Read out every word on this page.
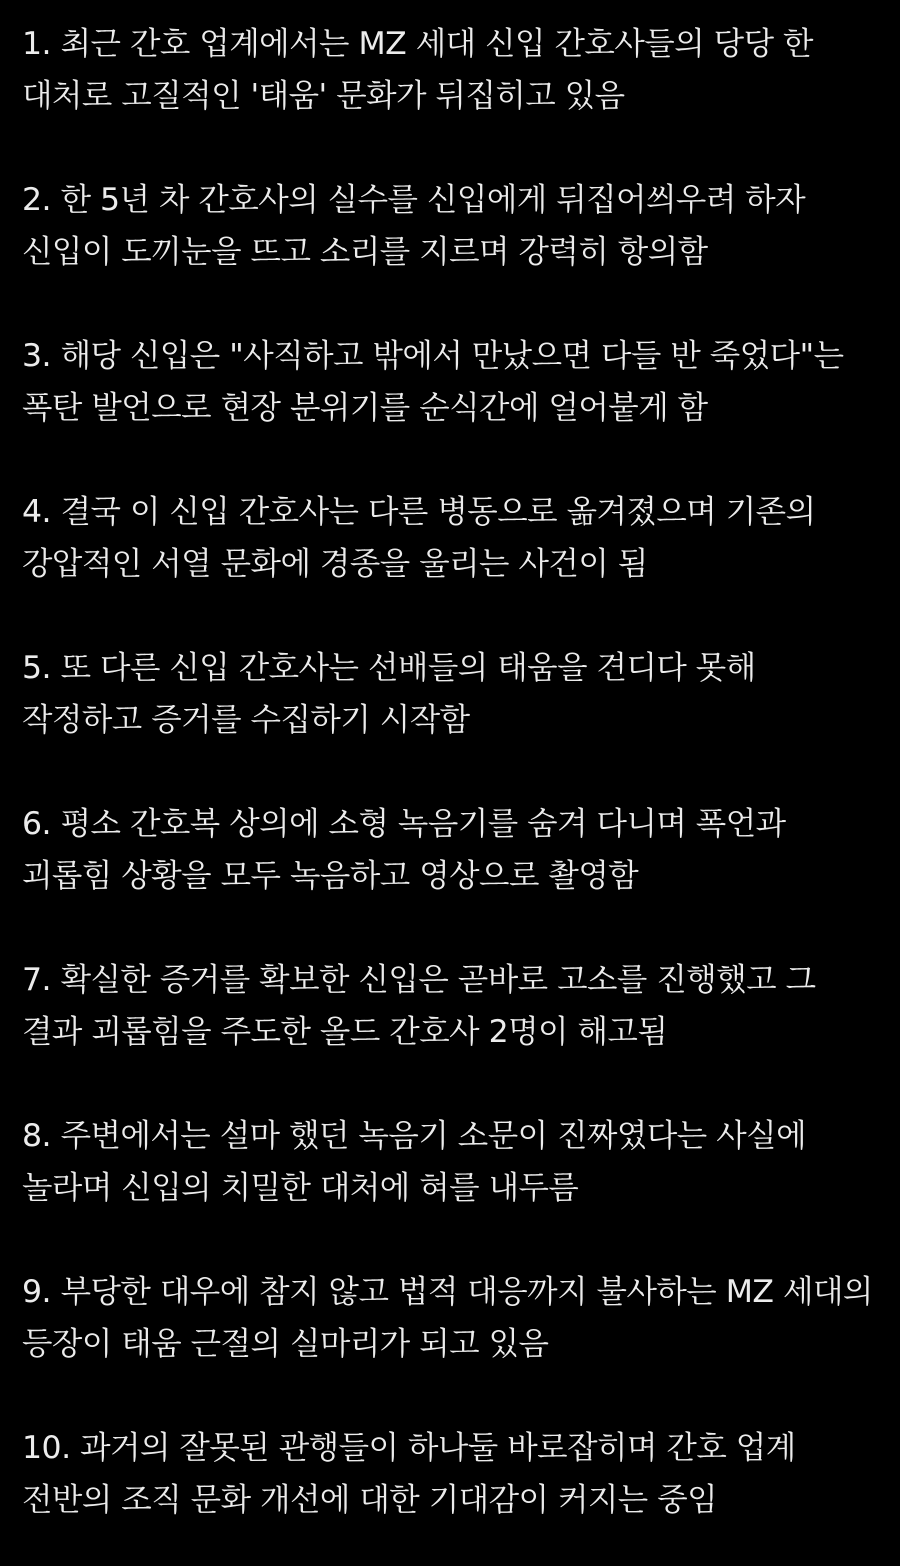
1. 최근 간호 업계에서는 MZ 세대 신입 간호사들의 당당 한 대처로 고질적인 '태움' 문화가 뒤집히고 있음
2. 한 5년 차 간호사의 실수를 신입에게 뒤집어씌우려 하자 신입이 도끼눈을 뜨고 소리를 지르며 강력히 항의함
3. 해당 신입은 "사직하고 밖에서 만났으면 다들 반 죽었다"는 폭탄 발언으로 현장 분위기를 순식간에 얼어붙게 함
4. 결국 이 신입 간호사는 다른 병동으로 옮겨졌으며 기존의 강압적인 서열 문화에 경종을 울리는 사건이 됨
5. 또 다른 신입 간호사는 선배들의 태움을 견디다 못해 작정하고 증거를 수집하기 시작함
6. 평소 간호복 상의에 소형 녹음기를 숨겨 다니며 폭언과 괴롭힘 상황을 모두 녹음하고 영상으로 촬영함
7. 확실한 증거를 확보한 신입은 곧바로 고소를 진행했고 그 결과 괴롭힘을 주도한 올드 간호사 2명이 해고됨
8. 주변에서는 설마 했던 녹음기 소문이 진짜였다는 사실에 놀라며 신입의 치밀한 대처에 혀를 내두름
9. 부당한 대우에 참지 않고 법적 대응까지 불사하는 MZ 세대의 등장이 태움 근절의 실마리가 되고 있음
10. 과거의 잘못된 관행들이 하나둘 바로잡히며 간호 업계 전반의 조직 문화 개선에 대한 기대감이 커지는 중임
